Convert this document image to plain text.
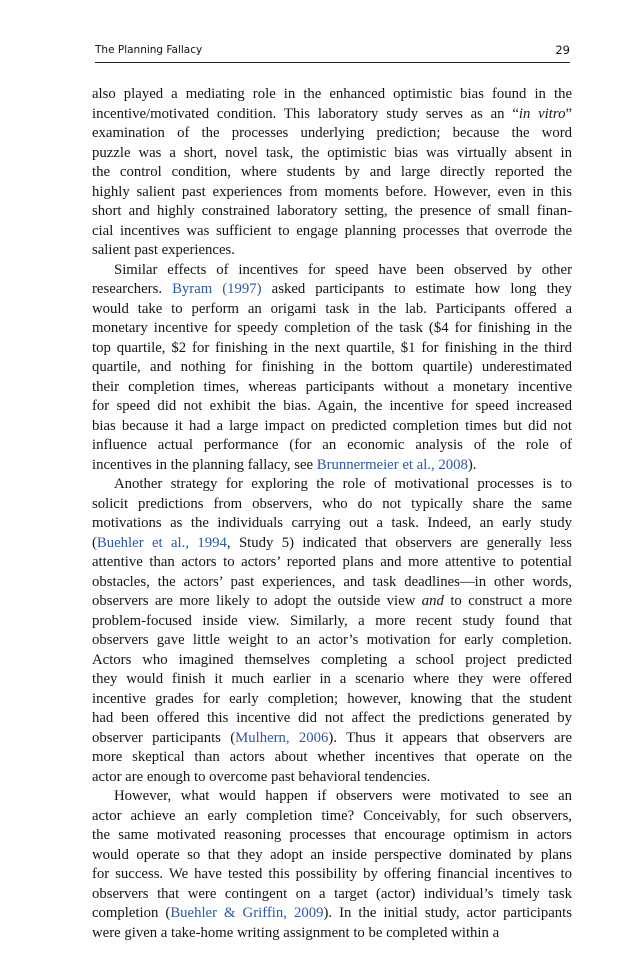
The Planning Fallacy	29
also played a mediating role in the enhanced optimistic bias found in the
incentive/motivated condition. This laboratory study serves as an “in vitro”
examination of the processes underlying prediction; because the word
puzzle was a short, novel task, the optimistic bias was virtually absent in
the control condition, where students by and large directly reported the
highly salient past experiences from moments before. However, even in this
short and highly constrained laboratory setting, the presence of small finan-
cial incentives was sufficient to engage planning processes that overrode the
salient past experiences.
Similar effects of incentives for speed have been observed by other
researchers. Byram (1997) asked participants to estimate how long they
would take to perform an origami task in the lab. Participants offered a
monetary incentive for speedy completion of the task ($4 for finishing in the
top quartile, $2 for finishing in the next quartile, $1 for finishing in the third
quartile, and nothing for finishing in the bottom quartile) underestimated
their completion times, whereas participants without a monetary incentive
for speed did not exhibit the bias. Again, the incentive for speed increased
bias because it had a large impact on predicted completion times but did not
influence actual performance (for an economic analysis of the role of
incentives in the planning fallacy, see Brunnermeier et al., 2008).
Another strategy for exploring the role of motivational processes is to
solicit predictions from observers, who do not typically share the same
motivations as the individuals carrying out a task. Indeed, an early study
(Buehler et al., 1994, Study 5) indicated that observers are generally less
attentive than actors to actors’ reported plans and more attentive to potential
obstacles, the actors’ past experiences, and task deadlines—in other words,
observers are more likely to adopt the outside view and to construct a more
problem-focused inside view. Similarly, a more recent study found that
observers gave little weight to an actor’s motivation for early completion.
Actors who imagined themselves completing a school project predicted
they would finish it much earlier in a scenario where they were offered
incentive grades for early completion; however, knowing that the student
had been offered this incentive did not affect the predictions generated by
observer participants (Mulhern, 2006). Thus it appears that observers are
more skeptical than actors about whether incentives that operate on the
actor are enough to overcome past behavioral tendencies.
However, what would happen if observers were motivated to see an
actor achieve an early completion time? Conceivably, for such observers,
the same motivated reasoning processes that encourage optimism in actors
would operate so that they adopt an inside perspective dominated by plans
for success. We have tested this possibility by offering financial incentives to
observers that were contingent on a target (actor) individual’s timely task
completion (Buehler & Griffin, 2009). In the initial study, actor participants
were given a take-home writing assignment to be completed within a
